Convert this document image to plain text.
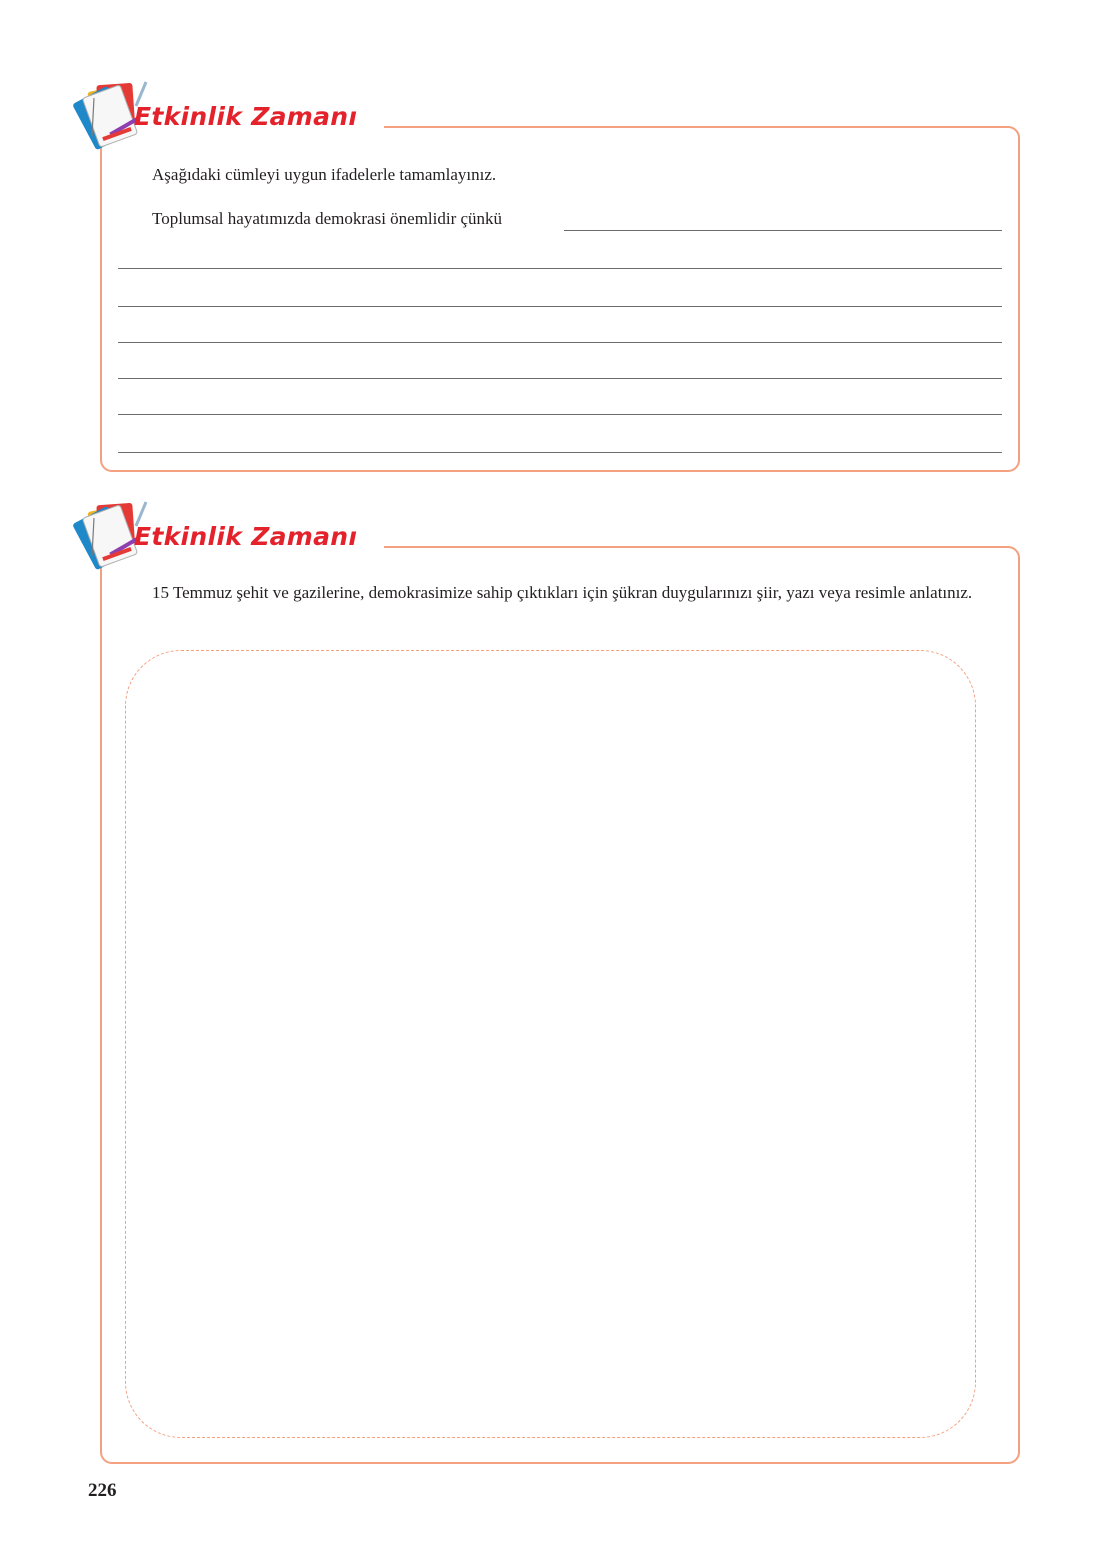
Etkinlik Zamanı
Aşağıdaki cümleyi uygun ifadelerle tamamlayınız.
Toplumsal hayatımızda demokrasi önemlidir çünkü
Etkinlik Zamanı
15 Temmuz şehit ve gazilerine, demokrasimize sahip çıktıkları için şükran duygularınızı şiir, yazı veya resimle anlatınız.
226
